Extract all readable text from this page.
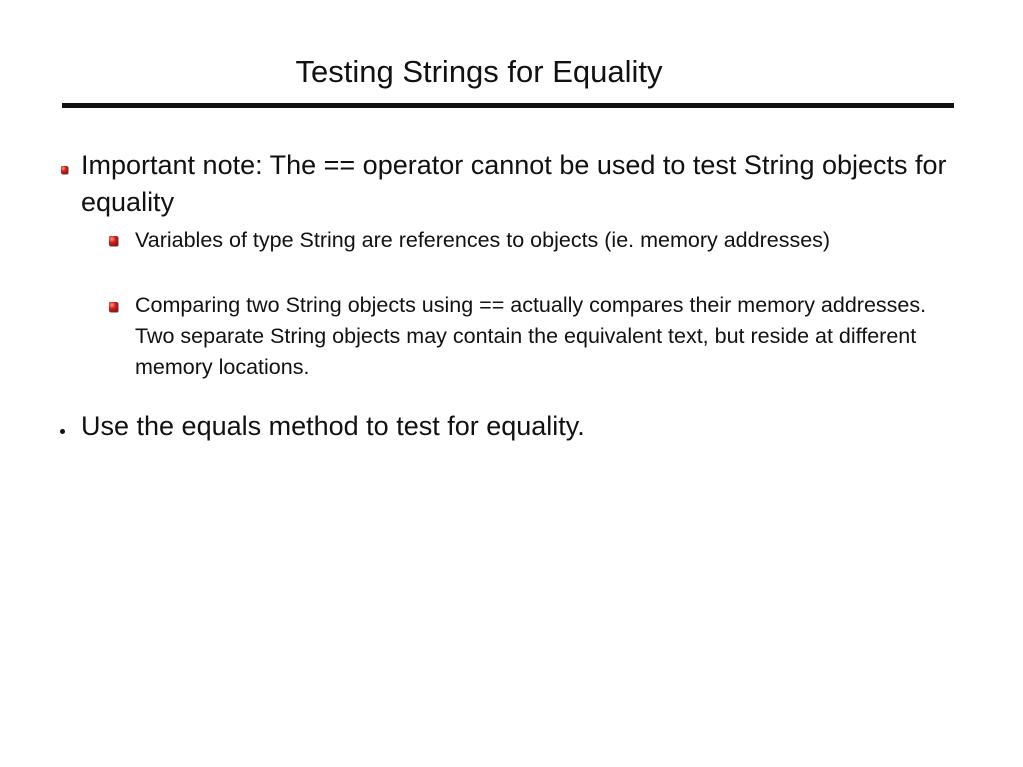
Testing Strings for Equality

Important note: The == operator cannot be used to test String objects for equality

Variables of type String are references to objects (ie. memory addresses)

Comparing two String objects using == actually compares their memory addresses. Two separate String objects may contain the equivalent text, but reside at different memory locations.

Use the equals method to test for equality.
